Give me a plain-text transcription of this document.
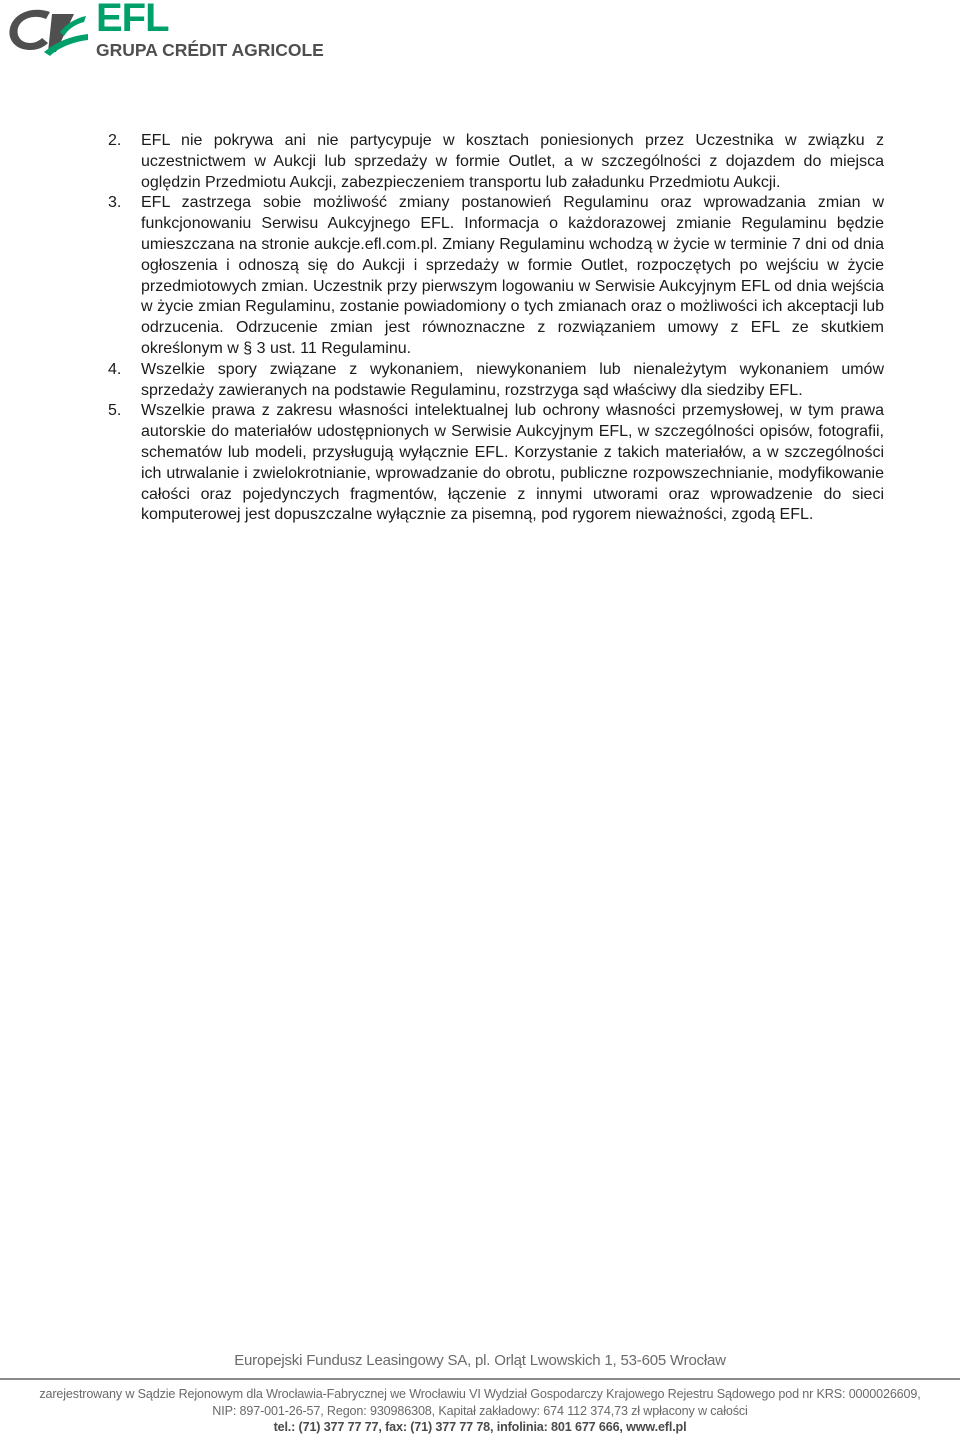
EFL
GRUPA CRÉDIT AGRICOLE
2. EFL nie pokrywa ani nie partycypuje w kosztach poniesionych przez Uczestnika w związku z uczestnictwem w Aukcji lub sprzedaży w formie Outlet, a w szczególności z dojazdem do miejsca oględzin Przedmiotu Aukcji, zabezpieczeniem transportu lub załadunku Przedmiotu Aukcji.
3. EFL zastrzega sobie możliwość zmiany postanowień Regulaminu oraz wprowadzania zmian w funkcjonowaniu Serwisu Aukcyjnego EFL. Informacja o każdorazowej zmianie Regulaminu będzie umieszczana na stronie aukcje.efl.com.pl. Zmiany Regulaminu wchodzą w życie w terminie 7 dni od dnia ogłoszenia i odnoszą się do Aukcji i sprzedaży w formie Outlet, rozpoczętych po wejściu w życie przedmiotowych zmian. Uczestnik przy pierwszym logowaniu w Serwisie Aukcyjnym EFL od dnia wejścia w życie zmian Regulaminu, zostanie powiadomiony o tych zmianach oraz o możliwości ich akceptacji lub odrzucenia. Odrzucenie zmian jest równoznaczne z rozwiązaniem umowy z EFL ze skutkiem określonym w § 3 ust. 11 Regulaminu.
4. Wszelkie spory związane z wykonaniem, niewykonaniem lub nienależytym wykonaniem umów sprzedaży zawieranych na podstawie Regulaminu, rozstrzyga sąd właściwy dla siedziby EFL.
5. Wszelkie prawa z zakresu własności intelektualnej lub ochrony własności przemysłowej, w tym prawa autorskie do materiałów udostępnionych w Serwisie Aukcyjnym EFL, w szczególności opisów, fotografii, schematów lub modeli, przysługują wyłącznie EFL. Korzystanie z takich materiałów, a w szczególności ich utrwalanie i zwielokrotnianie, wprowadzanie do obrotu, publiczne rozpowszechnianie, modyfikowanie całości oraz pojedynczych fragmentów, łączenie z innymi utworami oraz wprowadzenie do sieci komputerowej jest dopuszczalne wyłącznie za pisemną, pod rygorem nieważności, zgodą EFL.
Europejski Fundusz Leasingowy SA, pl. Orląt Lwowskich 1, 53-605 Wrocław
zarejestrowany w Sądzie Rejonowym dla Wrocławia-Fabrycznej we Wrocławiu VI Wydział Gospodarczy Krajowego Rejestru Sądowego pod nr KRS: 0000026609,
NIP: 897-001-26-57, Regon: 930986308, Kapitał zakładowy: 674 112 374,73 zł wpłacony w całości
tel.: (71) 377 77 77, fax: (71) 377 77 78, infolinia: 801 677 666, www.efl.pl
